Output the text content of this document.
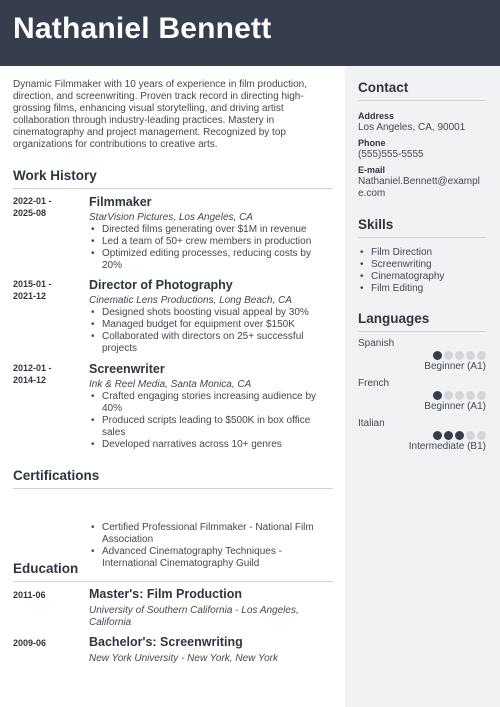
Nathaniel Bennett

Dynamic Filmmaker with 10 years of experience in film production, direction, and screenwriting. Proven track record in directing high-grossing films, enhancing visual storytelling, and driving artist collaboration through industry-leading practices. Mastery in cinematography and project management. Recognized by top organizations for contributions to creative arts.

Work History
2022-01 - 2025-08
Filmmaker
StarVision Pictures, Los Angeles, CA
• Directed films generating over $1M in revenue
• Led a team of 50+ crew members in production
• Optimized editing processes, reducing costs by 20%
2015-01 - 2021-12
Director of Photography
Cinematic Lens Productions, Long Beach, CA
• Designed shots boosting visual appeal by 30%
• Managed budget for equipment over $150K
• Collaborated with directors on 25+ successful projects
2012-01 - 2014-12
Screenwriter
Ink & Reel Media, Santa Monica, CA
• Crafted engaging stories increasing audience by 40%
• Produced scripts leading to $500K in box office sales
• Developed narratives across 10+ genres
Certifications
• Certified Professional Filmmaker - National Film Association
• Advanced Cinematography Techniques - International Cinematography Guild
Education
2011-06	Master's: Film Production
University of Southern California - Los Angeles, California
2009-06	Bachelor's: Screenwriting
New York University - New York, New York
Contact
Address
Los Angeles, CA, 90001
Phone
(555)555-5555
E-mail
Nathaniel.Bennett@example.com
Skills
• Film Direction
• Screenwriting
• Cinematography
• Film Editing
Languages
Spanish
Beginner (A1)
French
Beginner (A1)
Italian
Intermediate (B1)
